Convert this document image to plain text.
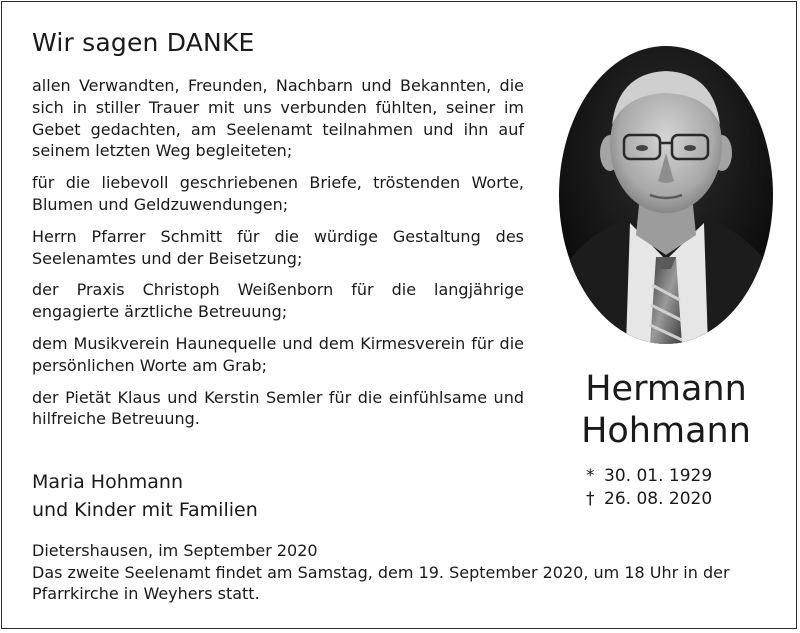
Wir sagen DANKE

allen Verwandten, Freunden, Nachbarn und Bekannten, die sich in stiller Trauer mit uns verbunden fühlten, seiner im Gebet gedachten, am Seelenamt teilnahmen und ihn auf seinem letzten Weg begleiteten;

für die liebevoll geschriebenen Briefe, tröstenden Worte, Blumen und Geldzuwendungen;

Herrn Pfarrer Schmitt für die würdige Gestaltung des Seelenamtes und der Beisetzung;

der Praxis Christoph Weißenborn für die langjährige engagierte ärztliche Betreuung;

dem Musikverein Haunequelle und dem Kirmesverein für die persönlichen Worte am Grab;

der Pietät Klaus und Kerstin Semler für die einfühlsame und hilfreiche Betreuung.

Maria Hohmann
und Kinder mit Familien
Dietershausen, im September 2020
Das zweite Seelenamt findet am Samstag, dem 19. September 2020, um 18 Uhr in der Pfarrkirche in Weyhers statt.
Hermann
Hohmann
* 30. 01. 1929
† 26. 08. 2020
